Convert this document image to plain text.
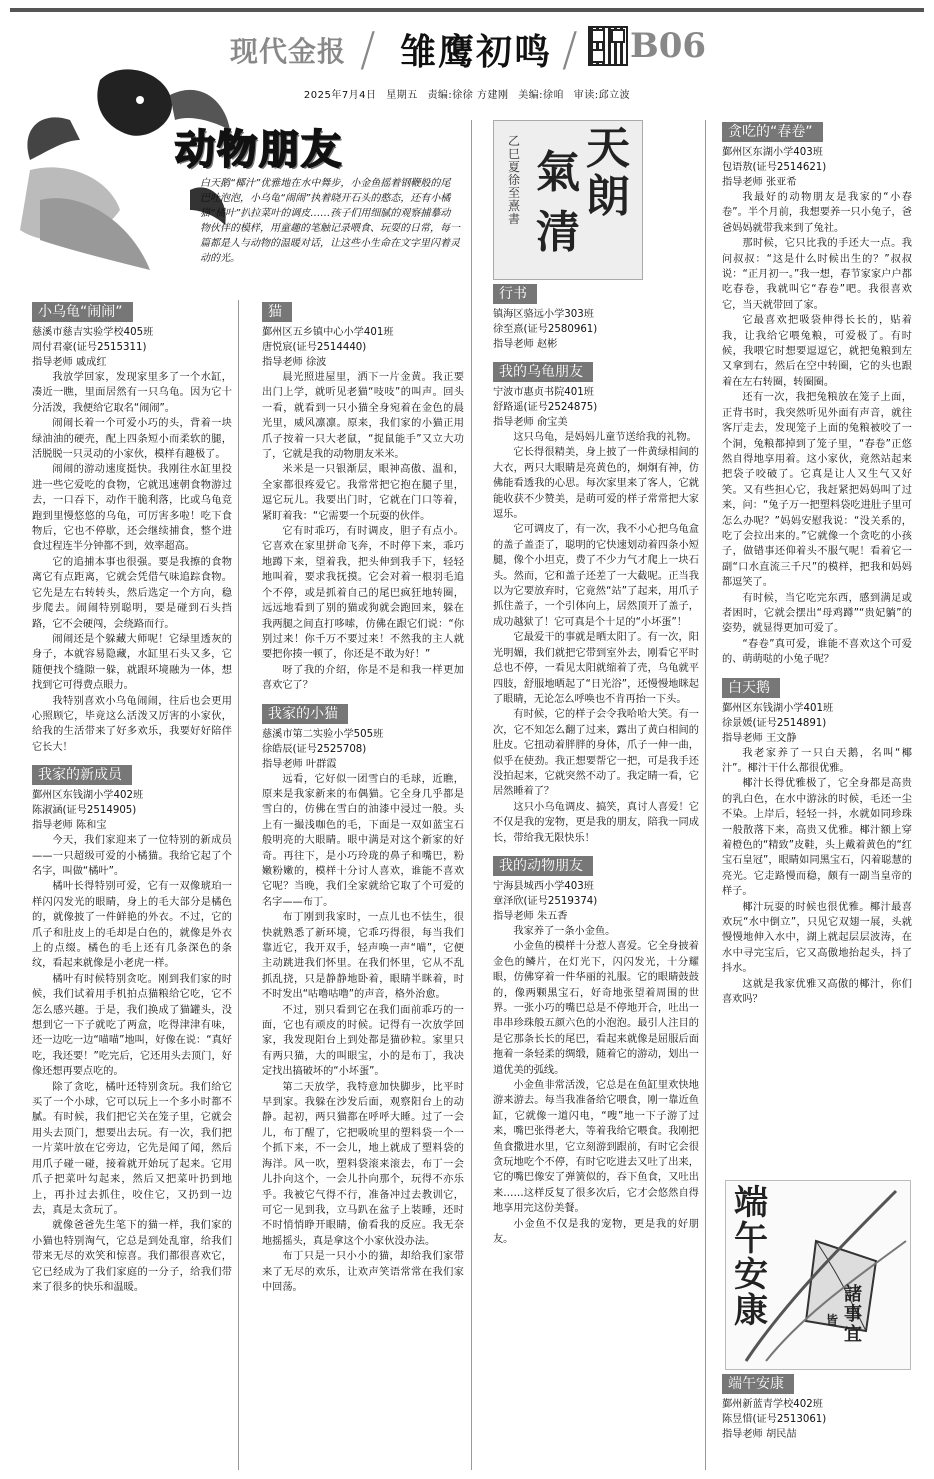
现代金报 / 雏鹰初鸣 / B06
2025年7月4日 星期五 责编:徐徐 方建刚 美编:徐咱 审读:邱立波
动物朋友
白天鹅“椰汁”优雅地在水中舞步，小金鱼摇着钢鞭般的尾巴吐泡泡，小乌龟“闹闹”执着晓开石头的憨态，还有小橘猫“橘叶”扒拉菜叶的调皮……孩子们用细腻的观察捕摹动物伙伴的模样，用童趣的笔触记录喂食、玩耍的日常，每一篇都是人与动物的温暖对话，让这些小生命在文字里闪着灵动的光。
小乌龟“闹闹”
慈溪市慈吉实验学校405班
周付君豪(证号2515311)
指导老师 戚成红

我放学回家，发现家里多了一个水缸，凑近一瞧，里面居然有一只乌龟。因为它十分活泼，我便给它取名“闹闹”。

闹闹长着一个可爱小巧的头，背着一块绿油油的硬壳，配上四条短小而柔软的腿，活脱脱一只灵动的小家伙，模样有趣极了。

闹闹的游动速度挺快。我刚往水缸里投进一些它爱吃的食物，它就迅速朝食物游过去，一口吞下，动作干脆利落，比或乌龟竞跑到里慢悠悠的乌龟，可厉害多啦！吃下食物后，它也不停歇，还会继续捕食，整个进食过程连半分钟都不到，效率超高。

它的追捕本事也很强。要是我擦的食物离它有点距离，它就会凭借气味追踪食物。它先是左右转转头，然后选定一个方向，稳步爬去。闹闹特别聪明，要是碰到石头挡路，它不会硬闯，会绕路而行。

闹闹还是个躲藏大师呢！它绿里透灰的身子，本就容易隐藏，水缸里石头又多，它随便找个缝隙一躲，就跟环境融为一体，想找到它可得费点眼力。

我特别喜欢小乌龟闹闹，往后也会更用心照顾它，毕竟这么活泼又厉害的小家伙，给我的生活带来了好多欢乐，我要好好陪伴它长大！

我家的新成员
鄞州区东钱湖小学402班
陈淑涵(证号2514905)
指导老师 陈和宝

今天，我们家迎来了一位特别的新成员——一只超级可爱的小橘猫。我给它起了个名字，叫做“橘叶”。

橘叶长得特别可爱，它有一双像琥珀一样闪闪发光的眼睛，身上的毛大部分是橘色的，就像披了一件鲜艳的外衣。不过，它的爪子和肚皮上的毛却是白色的，就像是外衣上的点缀。橘色的毛上还有几条深色的条纹，看起来就像是小老虎一样。

橘叶有时候特别贪吃。刚到我们家的时候，我们试着用手机拍点猫粮给它吃，它不怎么感兴趣。于是，我们换成了猫罐头，没想到它一下子就吃了两盒，吃得津津有味，还一边吃一边“喵喵”地叫，好像在说：“真好吃，我还要！”吃完后，它还用头去顶门，好像还想再要点吃的。

除了贪吃，橘叶还特别贪玩。我们给它买了一个小球，它可以玩上一个多小时都不腻。有时候，我们把它关在笼子里，它就会用头去顶门，想要出去玩。有一次，我们把一片菜叶放在它旁边，它先是闻了闻，然后用爪子碰一碰，接着就开始玩了起来。它用爪子把菜叶勾起来，然后又把菜叶扔到地上，再扑过去抓住，咬住它，又扔到一边去，真是太贪玩了。

就像爸爸先生笔下的猫一样，我们家的小猫也特别淘气，它总是到处乱窜，给我们带来无尽的欢笑和惊喜。我们都很喜欢它，它已经成为了我们家庭的一分子，给我们带来了很多的快乐和温暖。

猫
鄞州区五乡镇中心小学401班
唐悦宸(证号2514440)
指导老师 徐波

晨光照进屋里，洒下一片金黄。我正要出门上学，就听见老猫“吱吱”的叫声。回头一看，就看到一只小猫全身宛着在金色的晨光里，威风凛凛。原来，我们家的小猫正用爪子按着一只大老鼠，“捉鼠能手”又立大功了，它就是我的动物朋友米米。

米米是一只银渐层，眼神高傲、温和，全家都很疼爱它。我常常把它抱在腿子里，逗它玩儿。我要出门时，它就在门口等着，紧盯着我：“它需要一个玩耍的伙伴。

它有时乖巧，有时调皮，胆子有点小。它喜欢在家里拼命飞奔，不时停下来，乖巧地蹲下来，望着我，把头伸到我手下，轻轻地叫着，要求我抚摸。它会对着一根羽毛追个不停，或是抓着自己的尾巴疯狂地转圈，远远地看到了别的猫或狗就会跑回来，躲在我两腿之间直打哆嗦，仿佛在跟它们说：“你别过来！你千万不要过来！不然我的主人就要把你揍一顿了，你还是不敢为好！”

呀了我的介绍，你是不是和我一样更加喜欢它了？

我家的小猫
慈溪市第二实验小学505班
徐皓辰(证号2525708)
指导老师 叶群霞

远看，它好似一团雪白的毛球，近瞧，原来是我家新来的布偶猫。它全身几乎都是雪白的，仿佛在雪白的油漆中浸过一般。头上有一撮浅咖色的毛，下面是一双如蓝宝石般明亮的大眼睛。眼中满是对这个新家的好奇。再往下，是小巧玲珑的鼻子和嘴巴，粉嫩粉嫩的，模样十分讨人喜欢，谁能不喜欢它呢？当晚，我们全家就给它取了个可爱的名字——布丁。

布丁刚到我家时，一点儿也不怯生，很快就熟悉了新环境，它乖巧得很，每当我们靠近它，我开双手，轻声唤一声“喵”，它便主动跳进我们怀里。在我们怀里，它从不乱抓乱挠，只是静静地卧着，眼睛半眯着，时不时发出“咕噜咕噜”的声音，格外治愈。

不过，别只看到它在我们面前乖巧的一面，它也有顽皮的时候。记得有一次放学回家，我发现阳台上到处都是猫砂粒。家里只有两只猫，大的叫眼宝，小的是布丁，我决定找出搞破坏的“小坏蛋”。

第二天放学，我特意加快脚步，比平时早到家。我躲在沙发后面，观察阳台上的动静。起初，两只猫都在呼呼大睡。过了一会儿，布丁醒了，它把吸吮里的塑料袋一个一个抓下来，不一会儿，地上就成了塑料袋的海洋。风一吹，塑料袋滚来滚去，布丁一会儿扑向这个，一会儿扑向那个，玩得不亦乐乎。我被它气得不行，准备冲过去教训它，可它一见到我，立马趴在盆子上装睡，还时不时悄悄睁开眼睛，偷看我的反应。我无奈地摇摇头，真是拿这个小家伙没办法。

布丁只是一只小小的猫，却给我们家带来了无尽的欢乐，让欢声笑语常常在我们家中回荡。

天
朗
氣
清
乙巳夏 徐至熹書
行书
镇海区骆远小学303班
徐至熹(证号2580961)
指导老师 赵彬
我的乌龟朋友
宁波市惠贞书院401班
舒路遥(证号2524875)
指导老师 俞宝美

这只乌龟，是妈妈儿童节送给我的礼物。

它长得很精美，身上披了一件黄绿相间的大衣，两只大眼睛是亮黄色的，炯炯有神，仿佛能看透我的心思。每次家里来了客人，它就能收获不少赞美，是萌可爱的样子常常把大家逗乐。

它可调皮了，有一次，我不小心把乌龟盒的盖子盖歪了，聪明的它快速划动着四条小短腿，像个小坦克，费了不少力气才爬上一块石头。然而，它和盖子还差了一大截呢。正当我以为它要放弃时，它竟然“站”了起来，用爪子抓住盖子，一个引体向上，居然顶开了盖子，成功越狱了！它可真是个十足的“小坏蛋”！

它最爱干的事就是晒太阳了。有一次，阳光明媚，我们就把它带到室外去，刚看它平时总也不停，一看见太阳就缩着了壳，乌龟就平四肢，舒服地晒起了“日光浴”，还慢慢地眯起了眼睛，无论怎么呼唤也不肯再抬一下头。

有时候，它的样子会令我哈哈大笑。有一次，它不知怎么翻了过来，露出了黄白相间的肚皮。它扭动着胖胖的身体，爪子一伸一曲，似乎在使劲。我正想要帮它一把，可是我手还没拍起来，它就突然不动了。我定睛一看，它居然睡着了？

这只小乌龟调皮、搞笑，真讨人喜爱！它不仅是我的宠物，更是我的朋友，陪我一同成长，带给我无限快乐！

我的动物朋友
宁海县城西小学403班
章泽欣(证号2519374)
指导老师 朱五香

我家养了一条小金鱼。

小金鱼的模样十分惹人喜爱。它全身披着金色的鳞片，在灯光下，闪闪发光，十分耀眼，仿佛穿着一件华丽的礼服。它的眼睛鼓鼓的，像两颗黑宝石，好奇地张望着周围的世界。一张小巧的嘴巴总是不停地开合，吐出一串串珍珠般五颜六色的小泡泡。最引人注目的是它那条长长的尾巴，看起来就像是屈服后面拖着一条轻柔的绸缎，随着它的游动，划出一道优美的弧线。

小金鱼非常活泼，它总是在鱼缸里欢快地游来游去。每当我准备给它喂食，刚一靠近鱼缸，它就像一道闪电，“嗖”地一下子游了过来，嘴巴张得老大，等着我给它喂食。我刚把鱼食撒进水里，它立刻游到跟前，有时它会很贪玩地吃个不停，有时它吃进去又吐了出来，它的嘴巴像安了弹簧似的，吞下鱼食，又吐出来……这样反复了很多次后，它才会悠然自得地享用完这份美餐。

小金鱼不仅是我的宠物，更是我的好朋友。

贪吃的“春卷”
鄞州区东湖小学403班
包语敖(证号2514621)
指导老师 张亚希

我最好的动物朋友是我家的“小春卷”。半个月前，我想要养一只小兔子，爸爸妈妈就带我来到了兔社。

那时候，它只比我的手还大一点。我问叔叔：“这是什么时候出生的？”叔叔说：“正月初一。”我一想，春节家家户户都吃春卷，我就叫它“春卷”吧。我很喜欢它，当天就带回了家。

它最喜欢把吸袋伸得长长的，贴着我，让我给它喂兔粮，可爱极了。有时候，我喂它时想要逗逗它，就把兔粮到左又拿到右，然后在空中转圈，它的头也跟着在左右转圈，转圈圈。

还有一次，我把兔粮放在笼子上面，正背书时，我突然听见外面有声音，就往客厅走去，发现笼子上面的兔粮被咬了一个洞，兔粮都掉到了笼子里，“春卷”正悠然自得地享用着。这小家伙，竟然站起来把袋子咬破了。它真是让人又生气又好笑。又有些担心它，我赶紧把妈妈叫了过来，问：“兔子万一把塑料袋吃进肚子里可怎么办呢？”妈妈安慰我说：“没关系的，吃了会拉出来的。”它就像一个贪吃的小孩子，做错事还仰着头不服气呢！看着它一副“口水直流三千尺”的模样，把我和妈妈都逗笑了。

有时候，当它吃完东西，感到满足或者困时，它就会摆出“母鸡蹲”“贵妃躺”的姿势，就显得更加可爱了。

“春卷”真可爱，谁能不喜欢这个可爱的、萌萌哒的小兔子呢？

白天鹅
鄞州区东钱湖小学401班
徐景媛(证号2514891)
指导老师 王文静

我老家养了一只白天鹅，名叫“椰汁”。椰汁干什么都很优雅。

椰汁长得优雅极了，它全身都是高贵的乳白色，在水中游泳的时候，毛还一尘不染。上岸后，轻轻一抖，水就如同珍珠一般散落下来，高贵又优雅。椰汁额上穿着橙色的“精致”皮鞋，头上戴着黄色的“红宝石皇冠”，眼睛如同黑宝石，闪着聪慧的亮光。它走路慢而稳，颇有一副当皇帝的样子。

椰汁玩耍的时候也很优雅。椰汁最喜欢玩“水中倒立”，只见它双翅一展，头就慢慢地伸入水中，湖上就起层层波涛，在水中寻完宝后，它又高傲地抬起头，抖了抖水。

这就是我家优雅又高傲的椰汁，你们喜欢吗？

端午安康	諸事宜
皆
端午安康
鄞州新蓝青学校402班
陈昱惜(证号2513061)
指导老师 胡民喆
